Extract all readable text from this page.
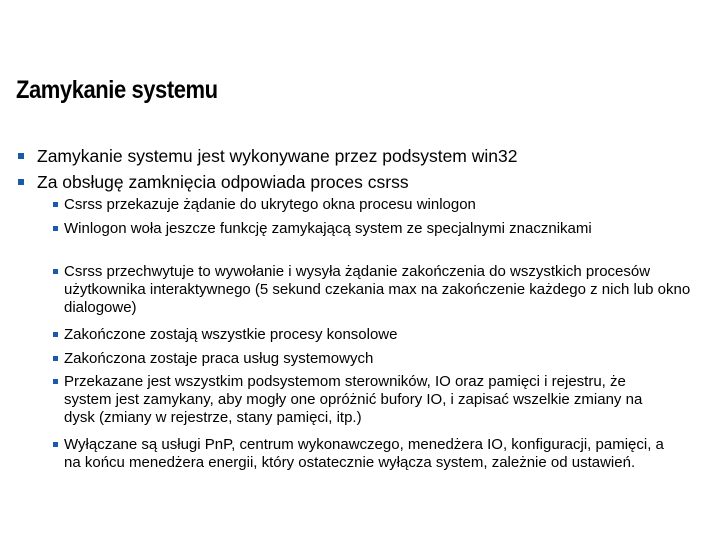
Zamykanie systemu
Zamykanie systemu jest wykonywane przez podsystem win32
Za obsługę zamknięcia odpowiada proces csrss
Csrss przekazuje żądanie do ukrytego okna procesu winlogon
Winlogon woła jeszcze funkcję zamykającą system ze specjalnymi znacznikami
Csrss przechwytuje to wywołanie i wysyła żądanie zakończenia do wszystkich procesów użytkownika interaktywnego (5 sekund czekania max na zakończenie każdego z nich lub okno dialogowe)
Zakończone zostają wszystkie procesy konsolowe
Zakończona zostaje praca usług systemowych
Przekazane jest wszystkim podsystemom sterowników, IO oraz pamięci i rejestru, że system jest zamykany, aby mogły one opróżnić bufory IO, i zapisać wszelkie zmiany na dysk (zmiany w rejestrze, stany pamięci, itp.)
Wyłączane są usługi PnP, centrum wykonawczego, menedżera IO, konfiguracji, pamięci, a na końcu menedżera energii, który ostatecznie wyłącza system, zależnie od ustawień.
